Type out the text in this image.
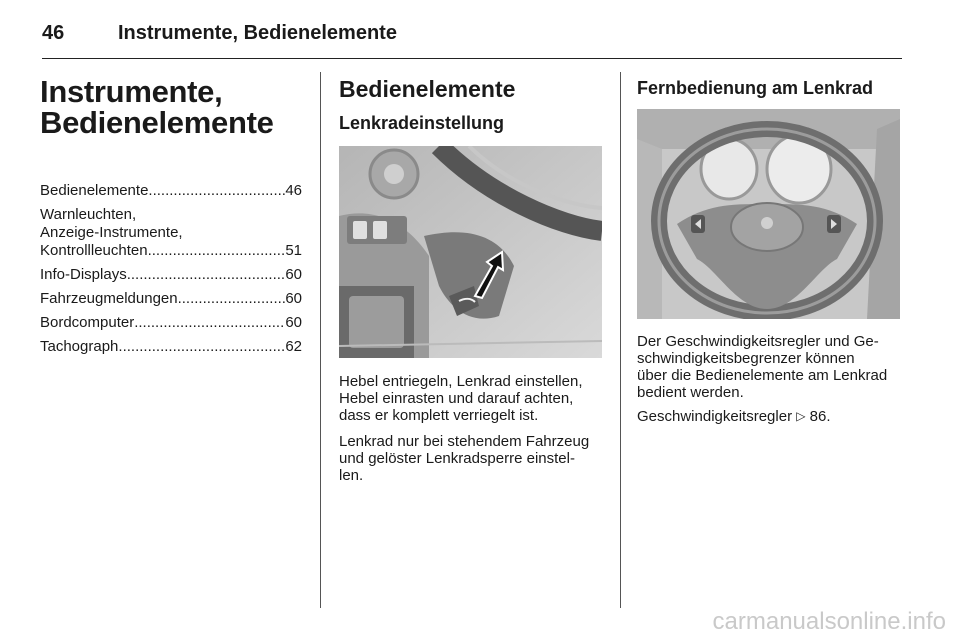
46	Instrumente, Bedienelemente
Instrumente,
Bedienelemente
Bedienelemente .....	46
Warnleuchten,
Anzeige-Instrumente,
Kontrollleuchten .....	51
Info-Displays .....	60
Fahrzeugmeldungen .....	60
Bordcomputer .....	60
Tachograph .....	62
Bedienelemente
Lenkradeinstellung

Hebel entriegeln, Lenkrad einstellen,
Hebel einrasten und darauf achten,
dass er komplett verriegelt ist.

Lenkrad nur bei stehendem Fahrzeug
und gelöster Lenkradsperre einstel-
len.

Fernbedienung am Lenkrad

Der Geschwindigkeitsregler und Ge-
schwindigkeitsbegrenzer können
über die Bedienelemente am Lenkrad
bedient werden.

Geschwindigkeitsregler ▷ 86.

carmanualsonline.info
